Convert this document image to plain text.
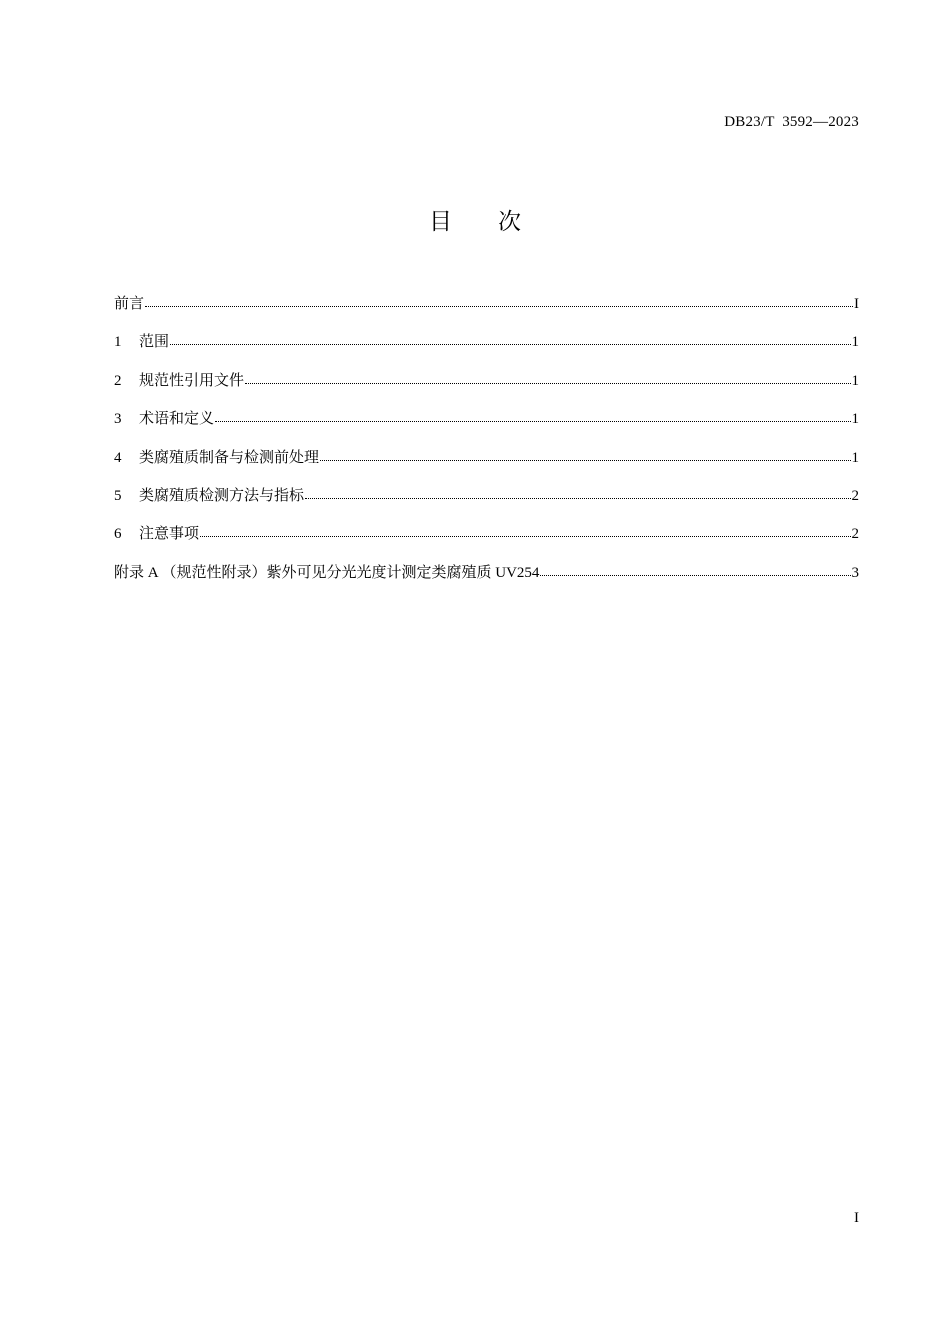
DB23/T  3592—2023
目 次
前言	I
1	范围	1
2	规范性引用文件	1
3	术语和定义	1
4	类腐殖质制备与检测前处理	1
5	类腐殖质检测方法与指标	2
6	注意事项	2
附录 A （规范性附录）紫外可见分光光度计测定类腐殖质 UV254	3
I
